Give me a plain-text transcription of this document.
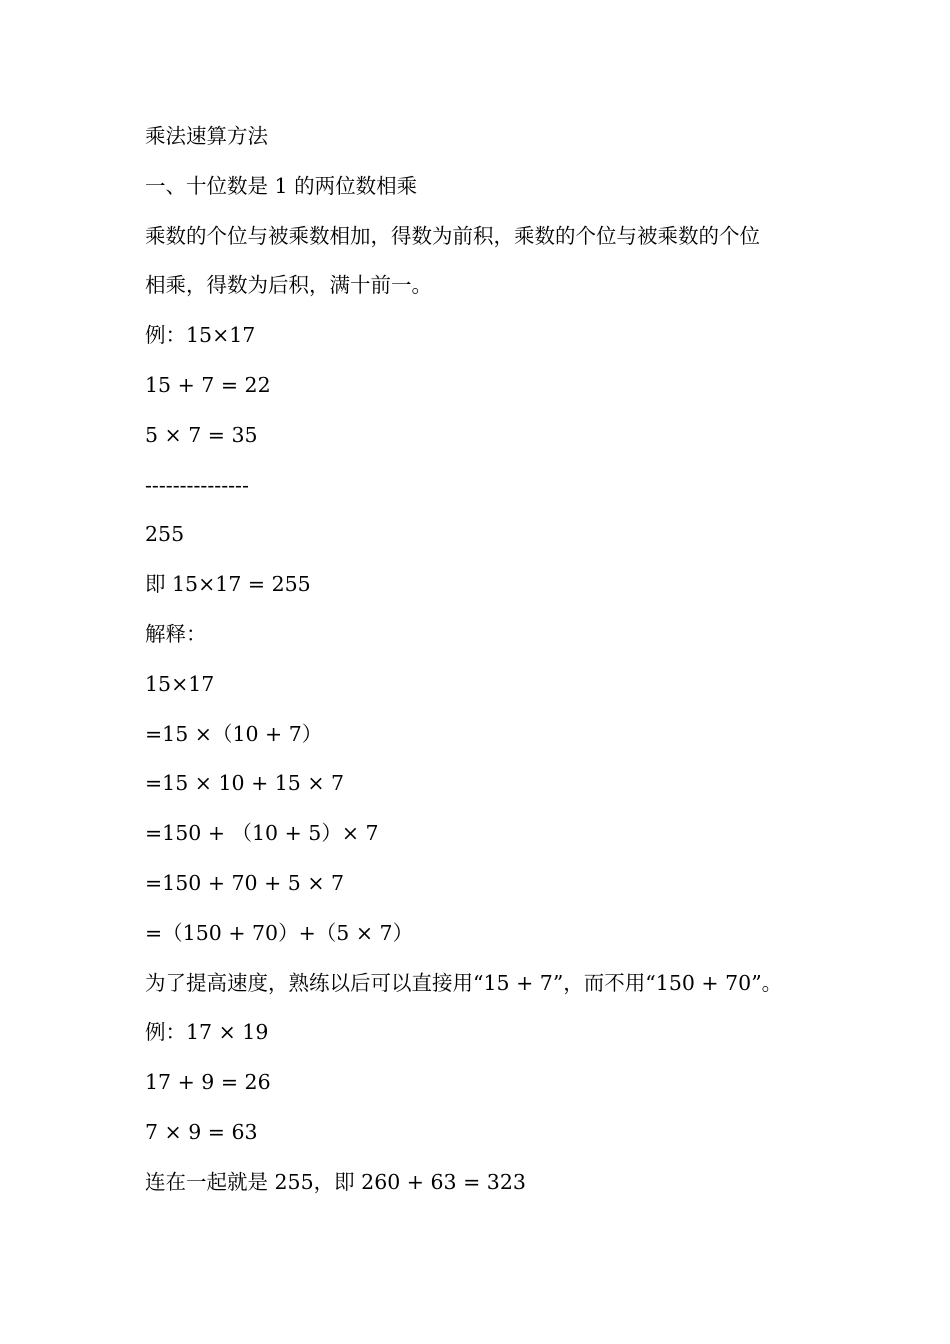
乘法速算方法
一、十位数是 1 的两位数相乘
乘数的个位与被乘数相加，得数为前积，乘数的个位与被乘数的个位
相乘，得数为后积，满十前一。
例：15×17
15 + 7 = 22
5 × 7 = 35
---------------
255
即 15×17 = 255
解释：
15×17
=15 ×（10 + 7）
=15 × 10 + 15 × 7
=150 + （10 + 5）× 7
=150 + 70 + 5 × 7
=（150 + 70）+（5 × 7）
为了提高速度，熟练以后可以直接用“15 + 7”，而不用“150 + 70”。
例：17 × 19
17 + 9 = 26
7 × 9 = 63
连在一起就是 255，即 260 + 63 = 323
